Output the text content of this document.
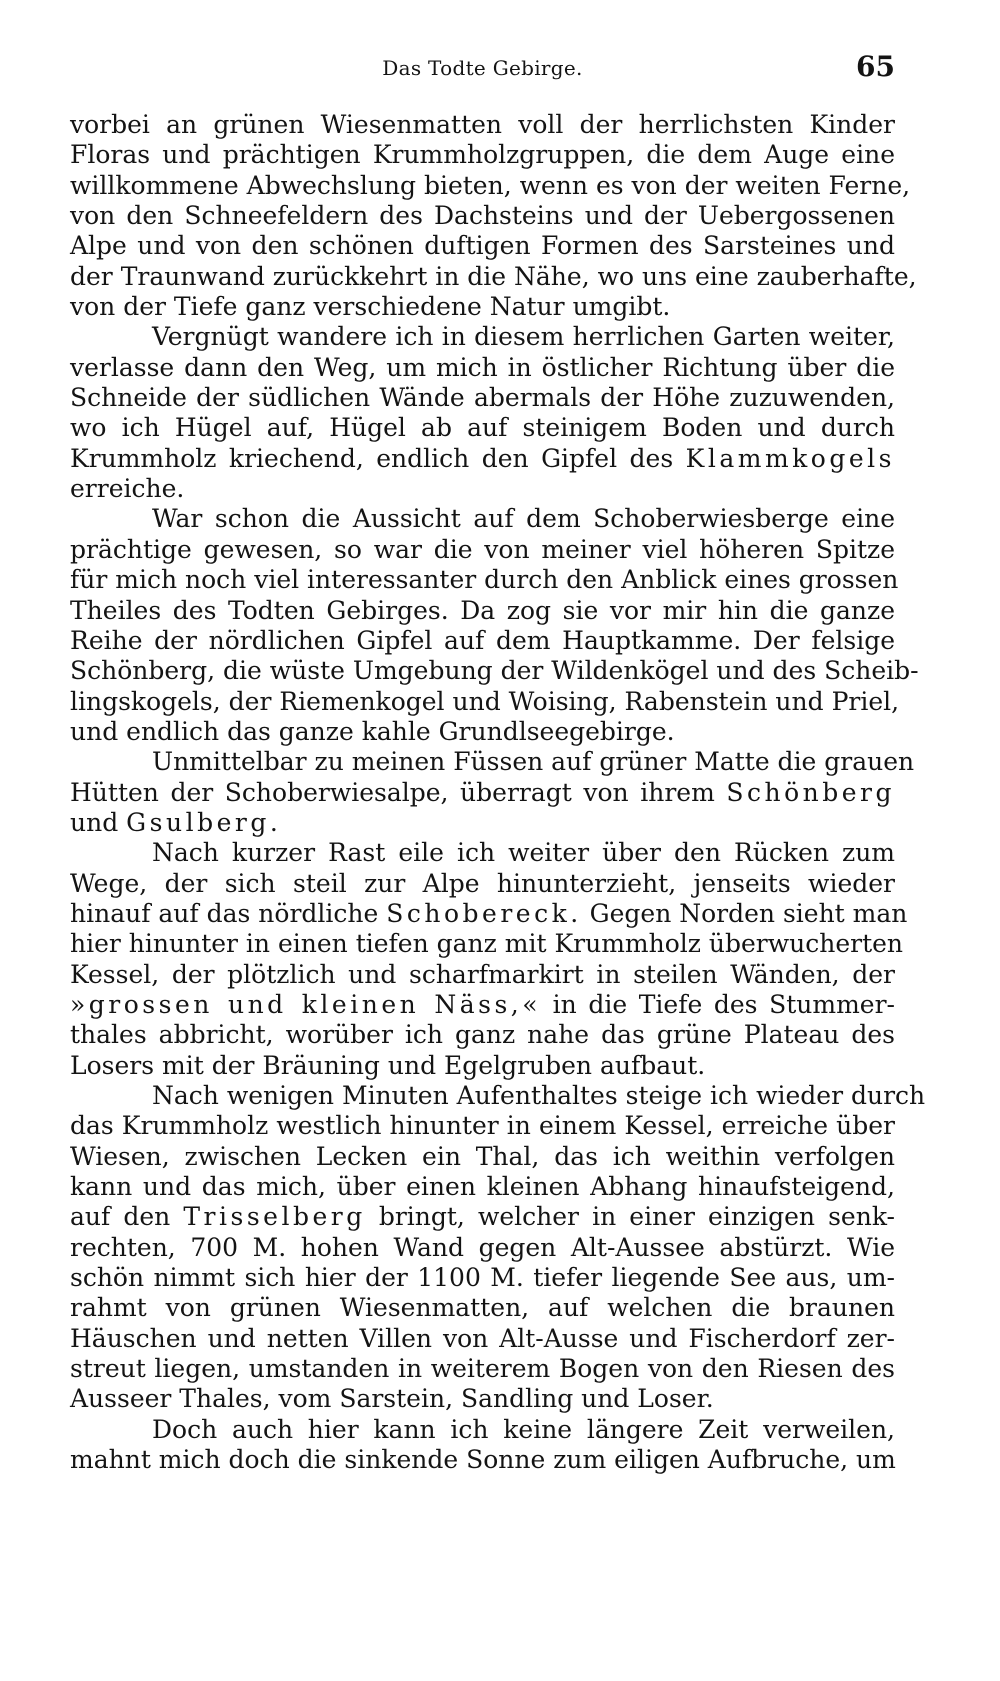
Das Todte Gebirge.	65
vorbei an grünen Wiesenmatten voll der herrlichsten Kinder
Floras und prächtigen Krummholzgruppen, die dem Auge eine
willkommene Abwechslung bieten, wenn es von der weiten Ferne,
von den Schneefeldern des Dachsteins und der Uebergossenen
Alpe und von den schönen duftigen Formen des Sarsteines und
der Traunwand zurückkehrt in die Nähe, wo uns eine zauberhafte,
von der Tiefe ganz verschiedene Natur umgibt.
Vergnügt wandere ich in diesem herrlichen Garten weiter,
verlasse dann den Weg, um mich in östlicher Richtung über die
Schneide der südlichen Wände abermals der Höhe zuzuwenden,
wo ich Hügel auf, Hügel ab auf steinigem Boden und durch
Krummholz kriechend, endlich den Gipfel des Klammkogels
erreiche.
War schon die Aussicht auf dem Schoberwiesberge eine
prächtige gewesen, so war die von meiner viel höheren Spitze
für mich noch viel interessanter durch den Anblick eines grossen
Theiles des Todten Gebirges. Da zog sie vor mir hin die ganze
Reihe der nördlichen Gipfel auf dem Hauptkamme. Der felsige
Schönberg, die wüste Umgebung der Wildenkögel und des Scheib-
lingskogels, der Riemenkogel und Woising, Rabenstein und Priel,
und endlich das ganze kahle Grundlseegebirge.
Unmittelbar zu meinen Füssen auf grüner Matte die grauen
Hütten der Schoberwiesalpe, überragt von ihrem Schönberg
und Gsulberg.
Nach kurzer Rast eile ich weiter über den Rücken zum
Wege, der sich steil zur Alpe hinunterzieht, jenseits wieder
hinauf auf das nördliche Schobereck. Gegen Norden sieht man
hier hinunter in einen tiefen ganz mit Krummholz überwucherten
Kessel, der plötzlich und scharfmarkirt in steilen Wänden, der
»grossen und kleinen Näss,« in die Tiefe des Stummer-
thales abbricht, worüber ich ganz nahe das grüne Plateau des
Losers mit der Bräuning und Egelgruben aufbaut.
Nach wenigen Minuten Aufenthaltes steige ich wieder durch
das Krummholz westlich hinunter in einem Kessel, erreiche über
Wiesen, zwischen Lecken ein Thal, das ich weithin verfolgen
kann und das mich, über einen kleinen Abhang hinaufsteigend,
auf den Trisselberg bringt, welcher in einer einzigen senk-
rechten, 700 M. hohen Wand gegen Alt-Aussee abstürzt. Wie
schön nimmt sich hier der 1100 M. tiefer liegende See aus, um-
rahmt von grünen Wiesenmatten, auf welchen die braunen
Häuschen und netten Villen von Alt-Ausse und Fischerdorf zer-
streut liegen, umstanden in weiterem Bogen von den Riesen des
Ausseer Thales, vom Sarstein, Sandling und Loser.
Doch auch hier kann ich keine längere Zeit verweilen,
mahnt mich doch die sinkende Sonne zum eiligen Aufbruche, um
